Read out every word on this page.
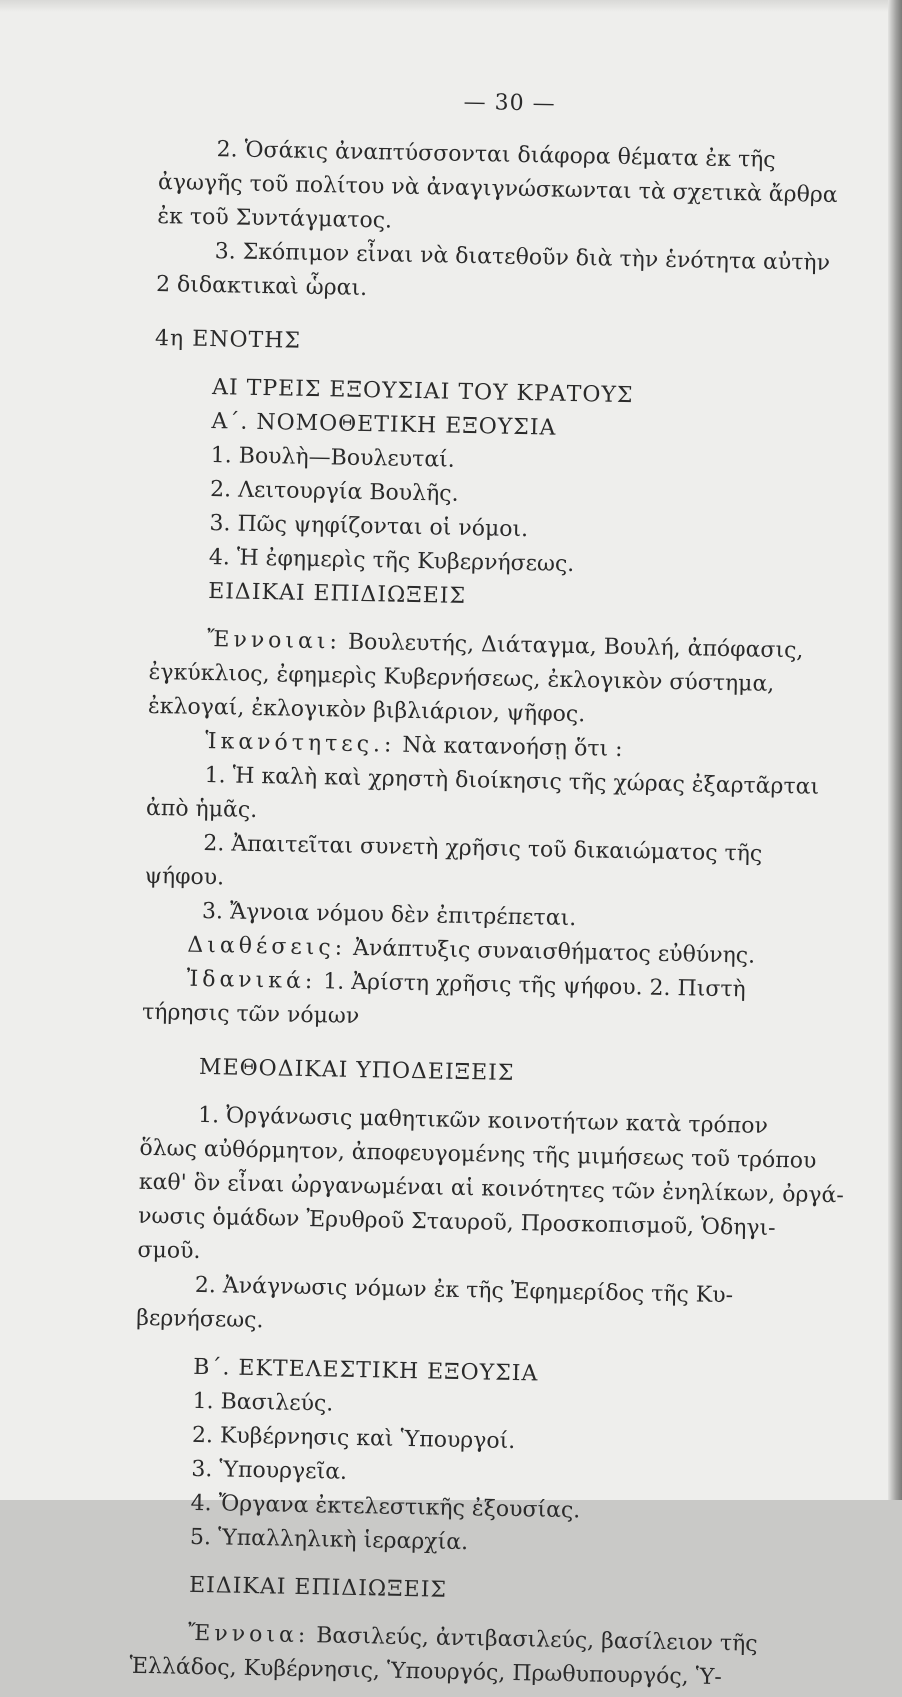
— 30 —
2. Ὁσάκις ἀναπτύσσονται διάφορα θέματα ἐκ τῆς
ἀγωγῆς τοῦ πολίτου νὰ ἀναγιγνώσκωνται τὰ σχετικὰ ἄρθρα
ἐκ τοῦ Συντάγματος.
3. Σκόπιμον εἶναι νὰ διατεθοῦν διὰ τὴν ἑνότητα αὐτὴν
2 διδακτικαὶ ὧραι.
4η ΕΝΟΤΗΣ
ΑΙ ΤΡΕΙΣ ΕΞΟΥΣΙΑΙ ΤΟΥ ΚΡΑΤΟΥΣ
Α΄. ΝΟΜΟΘΕΤΙΚΗ ΕΞΟΥΣΙΑ
1. Βουλὴ—Βουλευταί.
2. Λειτουργία Βουλῆς.
3. Πῶς ψηφίζονται οἱ νόμοι.
4. Ἡ ἐφημερὶς τῆς Κυβερνήσεως.
ΕΙΔΙΚΑΙ ΕΠΙΔΙΩΞΕΙΣ
Ἔννοιαι: Βουλευτής, Διάταγμα, Βουλή, ἀπόφασις,
ἐγκύκλιος, ἐφημερὶς Κυβερνήσεως, ἐκλογικὸν σύστημα,
ἐκλογαί, ἐκλογικὸν βιβλιάριον, ψῆφος.
Ἱκανότητες.: Νὰ κατανοήσῃ ὅτι :
1. Ἡ καλὴ καὶ χρηστὴ διοίκησις τῆς χώρας ἐξαρτᾶρται
ἀπὸ ἡμᾶς.
2. Ἀπαιτεῖται συνετὴ χρῆσις τοῦ δικαιώματος τῆς
ψήφου.
3. Ἄγνοια νόμου δὲν ἐπιτρέπεται.
Διαθέσεις: Ἀνάπτυξις συναισθήματος εὐθύνης.
Ἰδανικά: 1. Ἀρίστη χρῆσις τῆς ψήφου. 2. Πιστὴ
τήρησις τῶν νόμων
ΜΕΘΟΔΙΚΑΙ ΥΠΟΔΕΙΞΕΙΣ
1. Ὀργάνωσις μαθητικῶν κοινοτήτων κατὰ τρόπον
ὅλως αὐθόρμητον, ἀποφευγομένης τῆς μιμήσεως τοῦ τρόπου
καθ' ὃν εἶναι ὠργανωμέναι αἱ κοινότητες τῶν ἐνηλίκων, ὀργά-
νωσις ὁμάδων Ἐρυθροῦ Σταυροῦ, Προσκοπισμοῦ, Ὁδηγι-
σμοῦ.
2. Ἀνάγνωσις νόμων ἐκ τῆς Ἐφημερίδος τῆς Κυ-
βερνήσεως.
Β΄. ΕΚΤΕΛΕΣΤΙΚΗ ΕΞΟΥΣΙΑ
1. Βασιλεύς.
2. Κυβέρνησις καὶ Ὑπουργοί.
3. Ὑπουργεῖα.
4. Ὄργανα ἐκτελεστικῆς ἐξουσίας.
5. Ὑπαλληλικὴ ἱεραρχία.
ΕΙΔΙΚΑΙ ΕΠΙΔΙΩΞΕΙΣ
Ἔννοια: Βασιλεύς, ἀντιβασιλεύς, βασίλειον τῆς
Ἑλλάδος, Κυβέρνησις, Ὑπουργός, Πρωθυπουργός, Ὑ-
